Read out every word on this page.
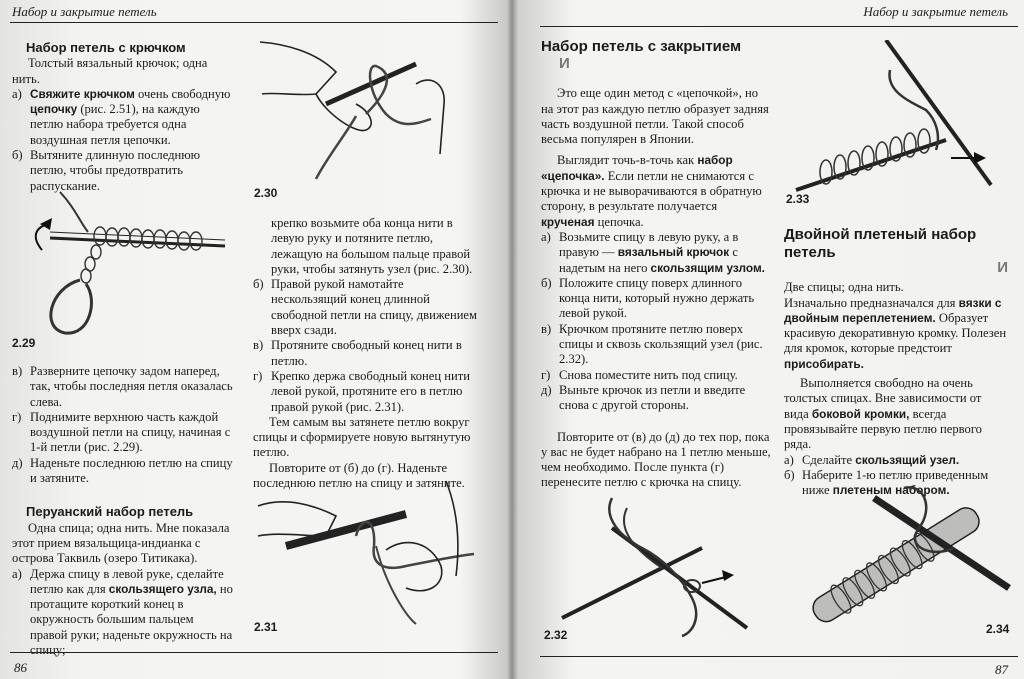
Набор и закрытие петель
Набор петель с крючком

Толстый вязальный крючок; одна нить.

а) Свяжите крючком очень свободную цепочку (рис. 2.51), на каждую петлю набора требуется одна воздушная петля цепочки.

б) Вытяните длинную последнюю петлю, чтобы предотвратить распускание.

2.29

в) Разверните цепочку задом наперед, так, чтобы последняя петля оказалась слева.

г) Поднимите верхнюю часть каждой воздушной петли на спицу, начиная с 1-й петли (рис. 2.29).

д) Наденьте последнюю петлю на спицу и затяните.

Перуанский набор петель

Одна спица; одна нить. Мне показала этот прием вязальщица-индианка с острова Таквиль (озеро Титикака).

а) Держа спицу в левой руке, сделайте петлю как для скользящего узла, но протащите короткий конец в окружность большим пальцем правой руки; наденьте окружность на спицу;

2.30

крепко возьмите оба конца нити в левую руку и потяните петлю, лежащую на большом пальце правой руки, чтобы затянуть узел (рис. 2.30).

б) Правой рукой намотайте нескользящий конец длинной свободной петли на спицу, движением вверх сзади.

в) Протяните свободный конец нити в петлю.

г) Крепко держа свободный конец нити левой рукой, протяните его в петлю правой рукой (рис. 2.31).

Тем самым вы затянете петлю вокруг спицы и сформируете новую вытянутую петлю.

Повторите от (б) до (г). Наденьте последнюю петлю на спицу и затяните.

2.31
86
Набор и закрытие петель
Набор петель с закрытием И

Это еще один метод с «цепочкой», но на этот раз каждую петлю образует задняя часть воздушной петли. Такой способ весьма популярен в Японии.

Выглядит точь-в-точь как набор «цепочка». Если петли не снимаются с крючка и не выворачиваются в обратную сторону, в результате получается крученая цепочка.

а) Возьмите спицу в левую руку, а в правую — вязальный крючок с надетым на него скользящим узлом.

б) Положите спицу поверх длинного конца нити, который нужно держать левой рукой.

в) Крючком протяните петлю поверх спицы и сквозь скользящий узел (рис. 2.32).

г) Снова поместите нить под спицу.

д) Выньте крючок из петли и введите снова с другой стороны.

Повторите от (в) до (д) до тех пор, пока у вас не будет набрано на 1 петлю меньше, чем необходимо. После пункта (г) перенесите петлю с крючка на спицу.

2.32
2.33
Двойной плетеный набор петель
И

Две спицы; одна нить.

Изначально предназначался для вязки с двойным переплетением. Образует красивую декоративную кромку. Полезен для кромок, которые предстоит присобирать.

Выполняется свободно на очень толстых спицах. Вне зависимости от вида боковой кромки, всегда провязывайте первую петлю первого ряда.

а) Сделайте скользящий узел.

б) Наберите 1-ю петлю приведенным ниже плетеным набором.

2.34
87
